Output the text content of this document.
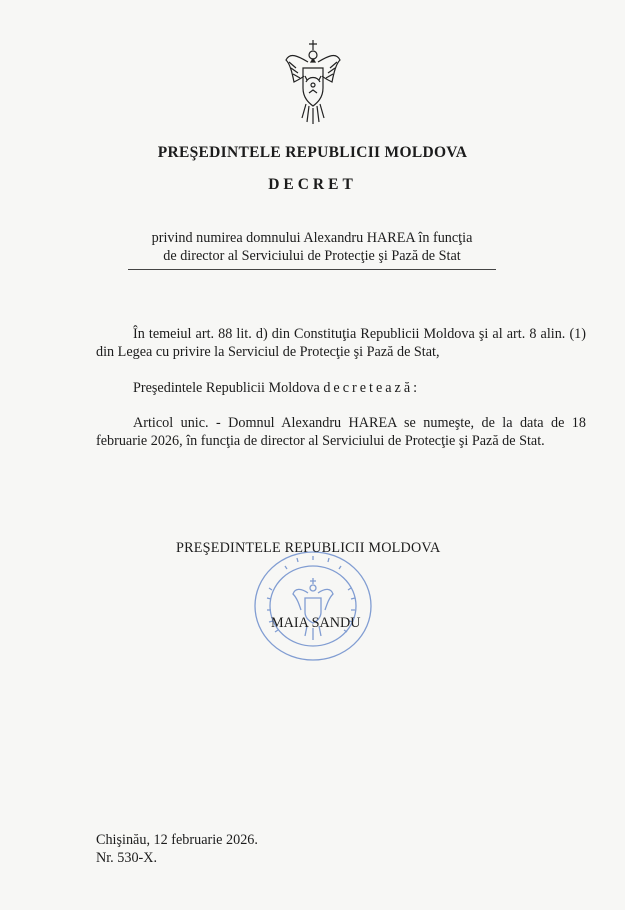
PREŞEDINTELE REPUBLICII MOLDOVA
DECRET
privind numirea domnului Alexandru HAREA în funcţia
de director al Serviciului de Protecţie şi Pază de Stat
În temeiul art. 88 lit. d) din Constituţia Republicii Moldova şi al art. 8 alin. (1) din Legea cu privire la Serviciul de Protecţie şi Pază de Stat,
Preşedintele Republicii Moldova decretează:
Articol unic. - Domnul Alexandru HAREA se numeşte, de la data de 18 februarie 2026, în funcţia de director al Serviciului de Protecţie şi Pază de Stat.
PREŞEDINTELE REPUBLICII MOLDOVA
MAIA SANDU
Chişinău, 12 februarie 2026.
Nr. 530-X.
